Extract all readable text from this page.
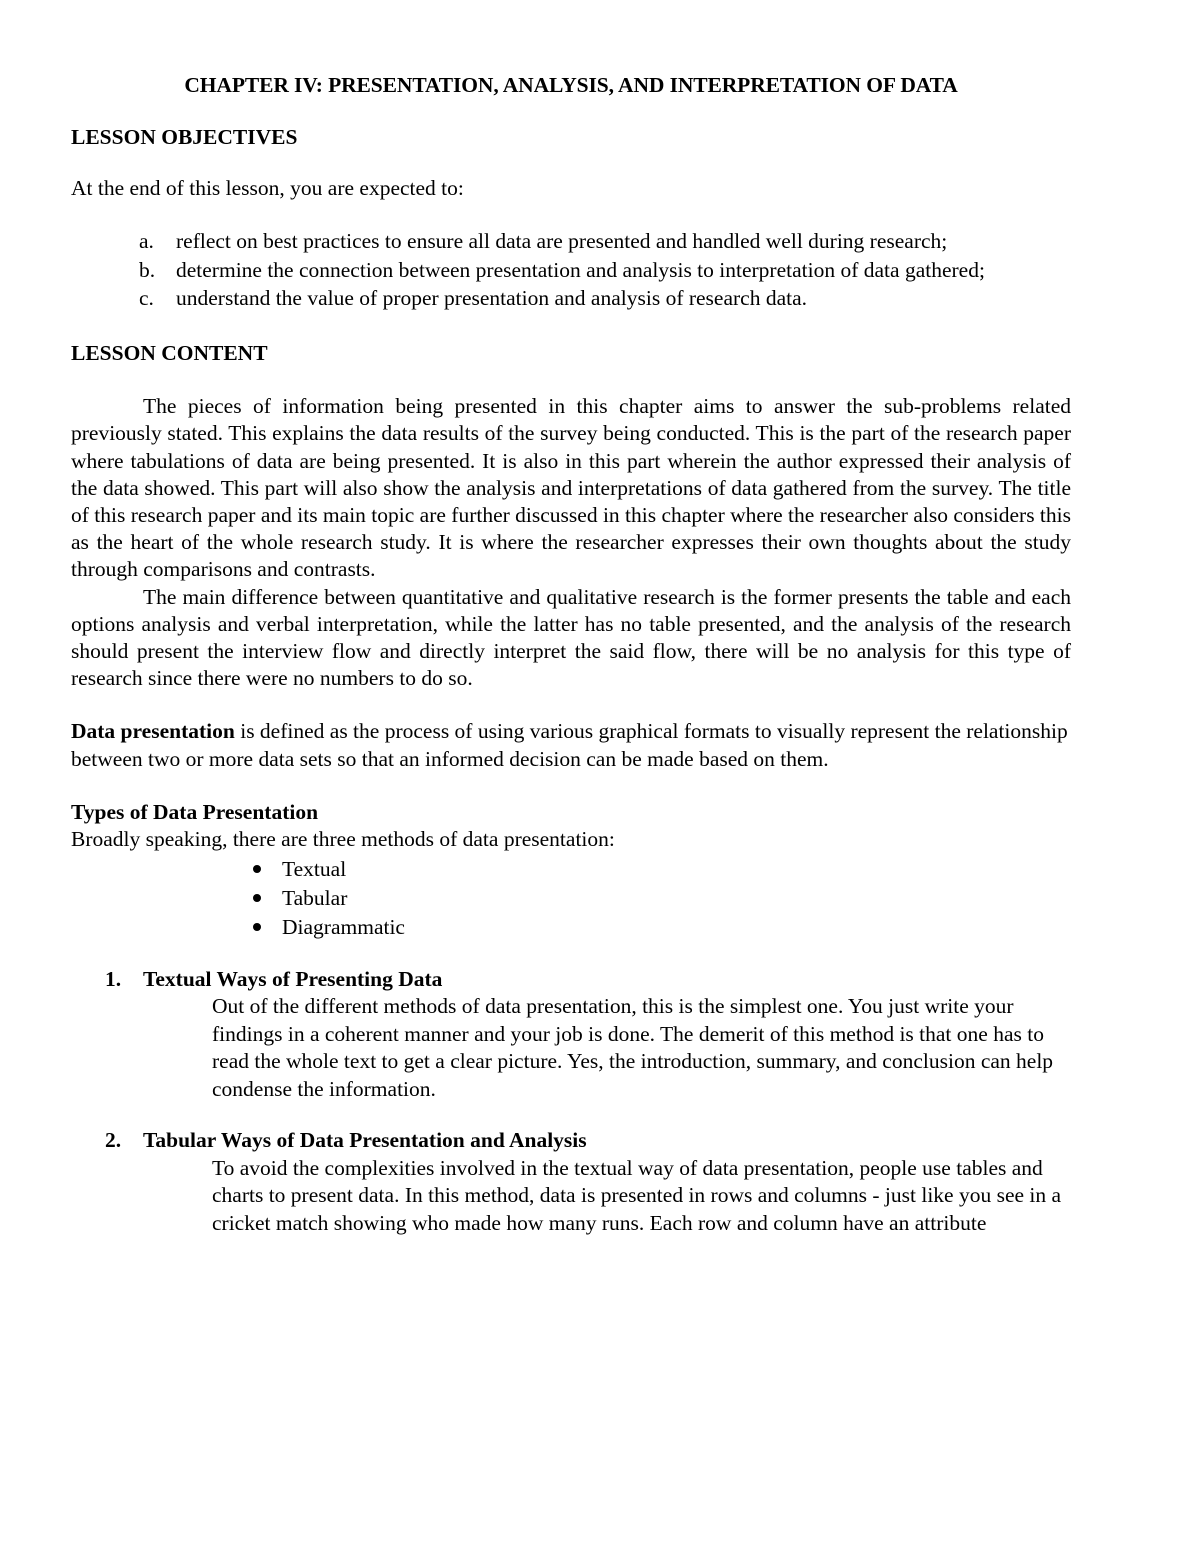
CHAPTER IV: PRESENTATION, ANALYSIS, AND INTERPRETATION OF DATA

LESSON OBJECTIVES

At the end of this lesson, you are expected to:

a. reflect on best practices to ensure all data are presented and handled well during research;
b. determine the connection between presentation and analysis to interpretation of data gathered;
c. understand the value of proper presentation and analysis of research data.

LESSON CONTENT

The pieces of information being presented in this chapter aims to answer the sub-problems related previously stated. This explains the data results of the survey being conducted. This is the part of the research paper where tabulations of data are being presented. It is also in this part wherein the author expressed their analysis of the data showed. This part will also show the analysis and interpretations of data gathered from the survey. The title of this research paper and its main topic are further discussed in this chapter where the researcher also considers this as the heart of the whole research study. It is where the researcher expresses their own thoughts about the study through comparisons and contrasts.

The main difference between quantitative and qualitative research is the former presents the table and each options analysis and verbal interpretation, while the latter has no table presented, and the analysis of the research should present the interview flow and directly interpret the said flow, there will be no analysis for this type of research since there were no numbers to do so.

Data presentation is defined as the process of using various graphical formats to visually represent the relationship between two or more data sets so that an informed decision can be made based on them.

Types of Data Presentation

Broadly speaking, there are three methods of data presentation:

Textual
Tabular
Diagrammatic

1. Textual Ways of Presenting Data

Out of the different methods of data presentation, this is the simplest one. You just write your findings in a coherent manner and your job is done. The demerit of this method is that one has to read the whole text to get a clear picture. Yes, the introduction, summary, and conclusion can help condense the information.

2. Tabular Ways of Data Presentation and Analysis

To avoid the complexities involved in the textual way of data presentation, people use tables and charts to present data. In this method, data is presented in rows and columns - just like you see in a cricket match showing who made how many runs. Each row and column have an attribute
